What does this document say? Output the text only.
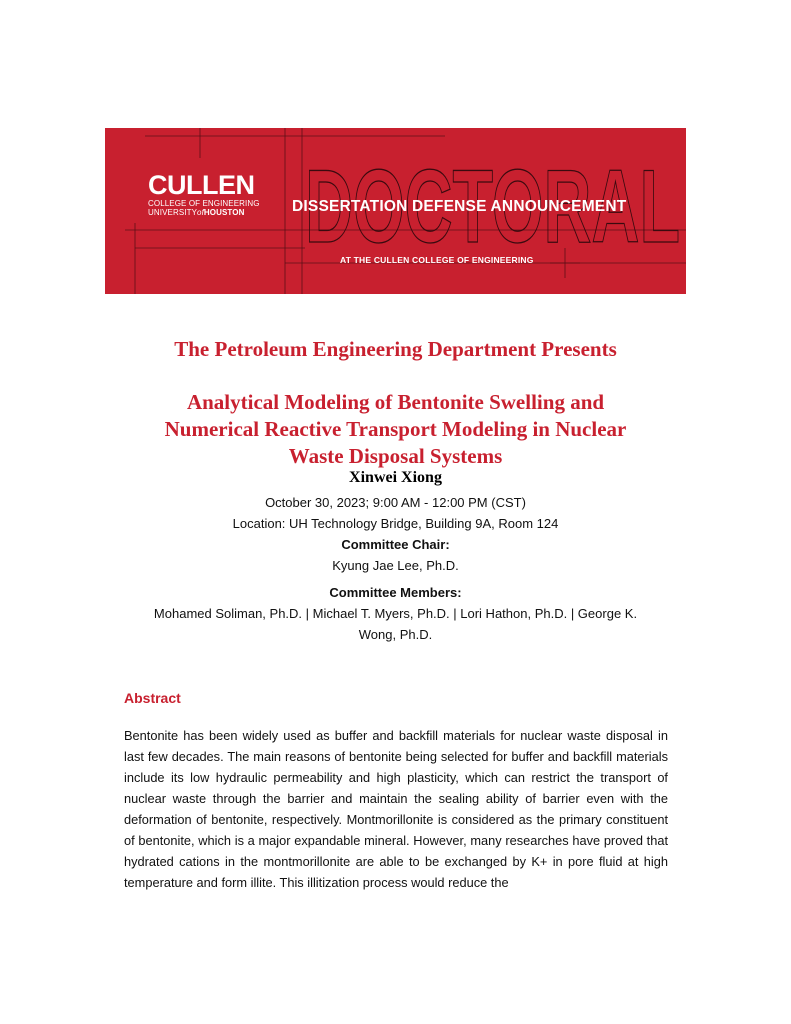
CULLEN
COLLEGE OF ENGINEERING
UNIVERSITYofHOUSTON DOCTORAL
DISSERTATION DEFENSE ANNOUNCEMENT
AT THE CULLEN COLLEGE OF ENGINEERING
The Petroleum Engineering Department Presents
Analytical Modeling of Bentonite Swelling and
Numerical Reactive Transport Modeling in Nuclear
Waste Disposal Systems
Xinwei Xiong
October 30, 2023; 9:00 AM - 12:00 PM (CST)
Location: UH Technology Bridge, Building 9A, Room 124
Committee Chair:
Kyung Jae Lee, Ph.D.
Committee Members:
Mohamed Soliman, Ph.D. | Michael T. Myers, Ph.D. | Lori Hathon, Ph.D. | George K.
Wong, Ph.D.
Abstract
Bentonite has been widely used as buffer and backfill materials for nuclear waste disposal in last few decades. The main reasons of bentonite being selected for buffer and backfill materials include its low hydraulic permeability and high plasticity, which can restrict the transport of nuclear waste through the barrier and maintain the sealing ability of barrier even with the deformation of bentonite, respectively. Montmorillonite is considered as the primary constituent of bentonite, which is a major expandable mineral. However, many researches have proved that hydrated cations in the montmorillonite are able to be exchanged by K+ in pore fluid at high temperature and form illite. This illitization process would reduce the
